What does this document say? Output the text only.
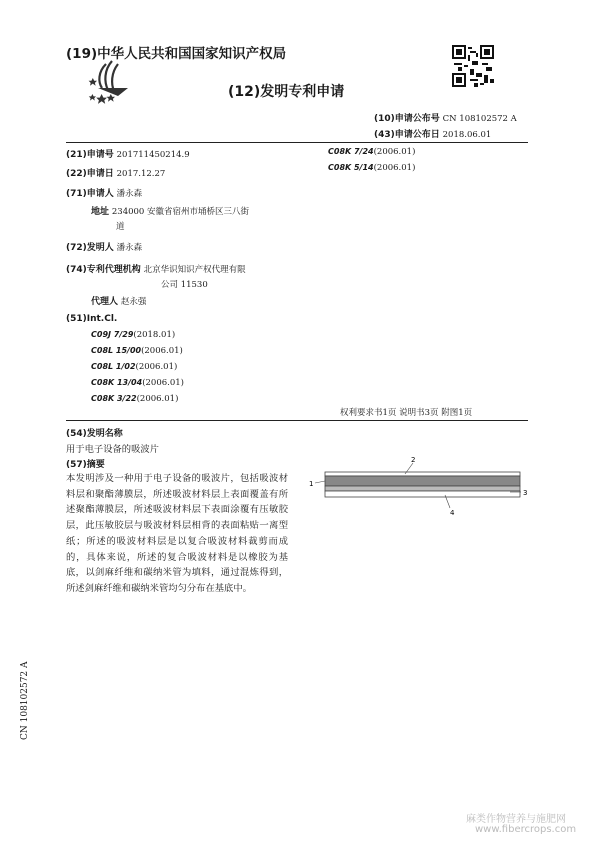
(19)中华人民共和国国家知识产权局
(12)发明专利申请
(10)申请公布号 CN 108102572 A
(43)申请公布日 2018.06.01
(21)申请号 201711450214.9
(22)申请日 2017.12.27
(71)申请人 潘永森
地址 234000 安徽省宿州市埇桥区三八街
道
(72)发明人 潘永森
(74)专利代理机构 北京华识知识产权代理有限
公司 11530
代理人 赵永强
(51)Int.Cl.
C09J 7/29(2018.01)
C08L 15/00(2006.01)
C08L 1/02(2006.01)
C08K 13/04(2006.01)
C08K 3/22(2006.01)
C08K 7/24(2006.01)
C08K 5/14(2006.01)
权利要求书1页 说明书3页 附图1页
(54)发明名称
用于电子设备的吸波片
(57)摘要
本发明涉及一种用于电子设备的吸波片，包括吸波材料层和聚酯薄膜层，所述吸波材料层上表面覆盖有所述聚酯薄膜层，所述吸波材料层下表面涂覆有压敏胶层，此压敏胶层与吸波材料层相背的表面粘贴一离型纸；所述的吸波材料层是以复合吸波材料裁剪而成的，具体来说，所述的复合吸波材料是以橡胶为基底，以剑麻纤维和碳纳米管为填料，通过混炼得到，所述剑麻纤维和碳纳米管均匀分布在基底中。
1
2
3
4
CN 108102572 A
麻类作物营养与施肥网
www.fibercrops.com
